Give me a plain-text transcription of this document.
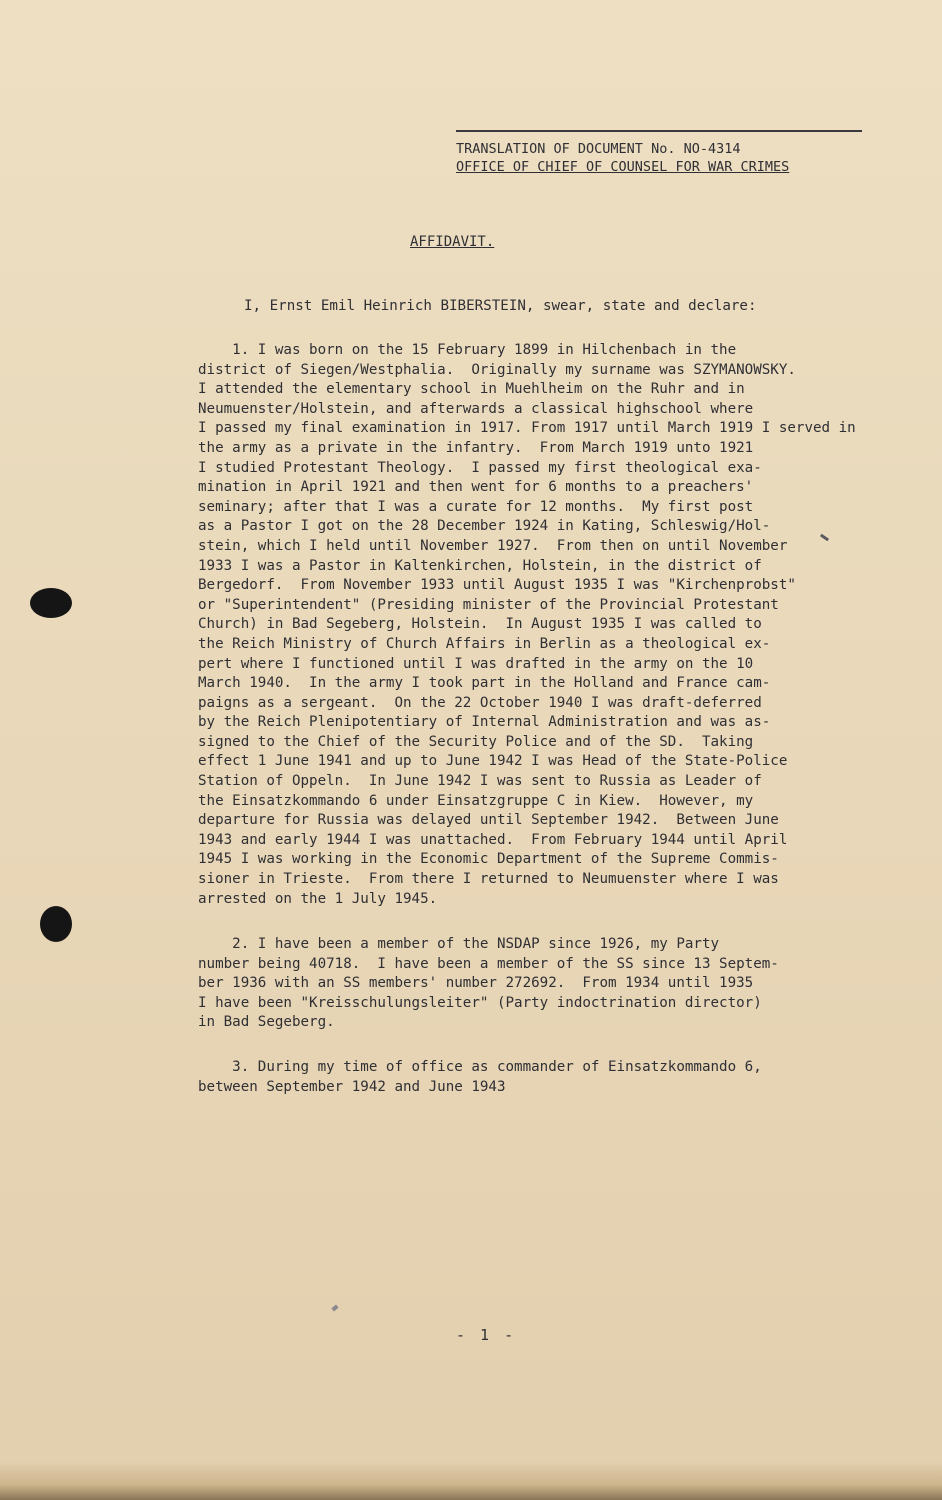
TRANSLATION OF DOCUMENT No. NO-4314
OFFICE OF CHIEF OF COUNSEL FOR WAR CRIMES
AFFIDAVIT.
I, Ernst Emil Heinrich BIBERSTEIN, swear, state and declare:
1. I was born on the 15 February 1899 in Hilchenbach in the
district of Siegen/Westphalia.  Originally my surname was SZYMANOWSKY.
I attended the elementary school in Muehlheim on the Ruhr and in
Neumuenster/Holstein, and afterwards a classical highschool where
I passed my final examination in 1917. From 1917 until March 1919 I served in
the army as a private in the infantry.  From March 1919 unto 1921
I studied Protestant Theology.  I passed my first theological exa-
mination in April 1921 and then went for 6 months to a preachers'
seminary; after that I was a curate for 12 months.  My first post
as a Pastor I got on the 28 December 1924 in Kating, Schleswig/Hol-
stein, which I held until November 1927.  From then on until November
1933 I was a Pastor in Kaltenkirchen, Holstein, in the district of
Bergedorf.  From November 1933 until August 1935 I was "Kirchenprobst"
or "Superintendent" (Presiding minister of the Provincial Protestant
Church) in Bad Segeberg, Holstein.  In August 1935 I was called to
the Reich Ministry of Church Affairs in Berlin as a theological ex-
pert where I functioned until I was drafted in the army on the 10
March 1940.  In the army I took part in the Holland and France cam-
paigns as a sergeant.  On the 22 October 1940 I was draft-deferred
by the Reich Plenipotentiary of Internal Administration and was as-
signed to the Chief of the Security Police and of the SD.  Taking
effect 1 June 1941 and up to June 1942 I was Head of the State-Police
Station of Oppeln.  In June 1942 I was sent to Russia as Leader of
the Einsatzkommando 6 under Einsatzgruppe C in Kiew.  However, my
departure for Russia was delayed until September 1942.  Between June
1943 and early 1944 I was unattached.  From February 1944 until April
1945 I was working in the Economic Department of the Supreme Commis-
sioner in Trieste.  From there I returned to Neumuenster where I was
arrested on the 1 July 1945.
2. I have been a member of the NSDAP since 1926, my Party
number being 40718.  I have been a member of the SS since 13 Septem-
ber 1936 with an SS members' number 272692.  From 1934 until 1935
I have been "Kreisschulungsleiter" (Party indoctrination director)
in Bad Segeberg.
3. During my time of office as commander of Einsatzkommando 6,
between September 1942 and June 1943
- 1 -
